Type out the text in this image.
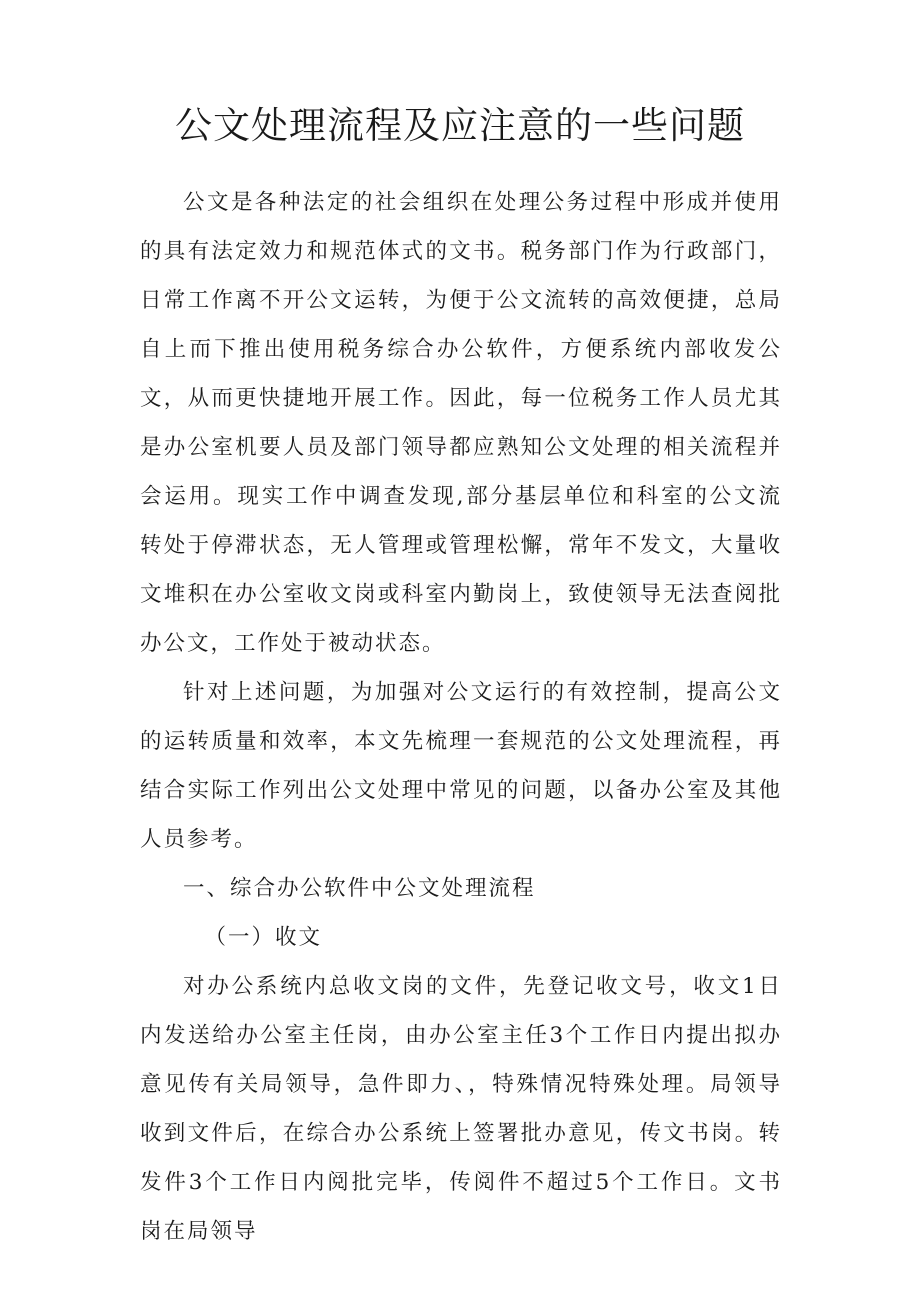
公文处理流程及应注意的一些问题

公文是各种法定的社会组织在处理公务过程中形成并使用的具有法定效力和规范体式的文书。税务部门作为行政部门，日常工作离不开公文运转，为便于公文流转的高效便捷，总局自上而下推出使用税务综合办公软件，方便系统内部收发公文，从而更快捷地开展工作。因此，每一位税务工作人员尤其是办公室机要人员及部门领导都应熟知公文处理的相关流程并会运用。现实工作中调查发现,部分基层单位和科室的公文流转处于停滞状态，无人管理或管理松懈，常年不发文，大量收文堆积在办公室收文岗或科室内勤岗上，致使领导无法查阅批办公文，工作处于被动状态。

针对上述问题，为加强对公文运行的有效控制，提高公文的运转质量和效率，本文先梳理一套规范的公文处理流程，再结合实际工作列出公文处理中常见的问题，以备办公室及其他人员参考。

一、综合办公软件中公文处理流程

（一）收文

对办公系统内总收文岗的文件，先登记收文号，收文1日内发送给办公室主任岗，由办公室主任3个工作日内提出拟办意见传有关局领导，急件即力、，特殊情况特殊处理。局领导收到文件后，在综合办公系统上签署批办意见，传文书岗。转发件3个工作日内阅批完毕，传阅件不超过5个工作日。文书岗在局领导
